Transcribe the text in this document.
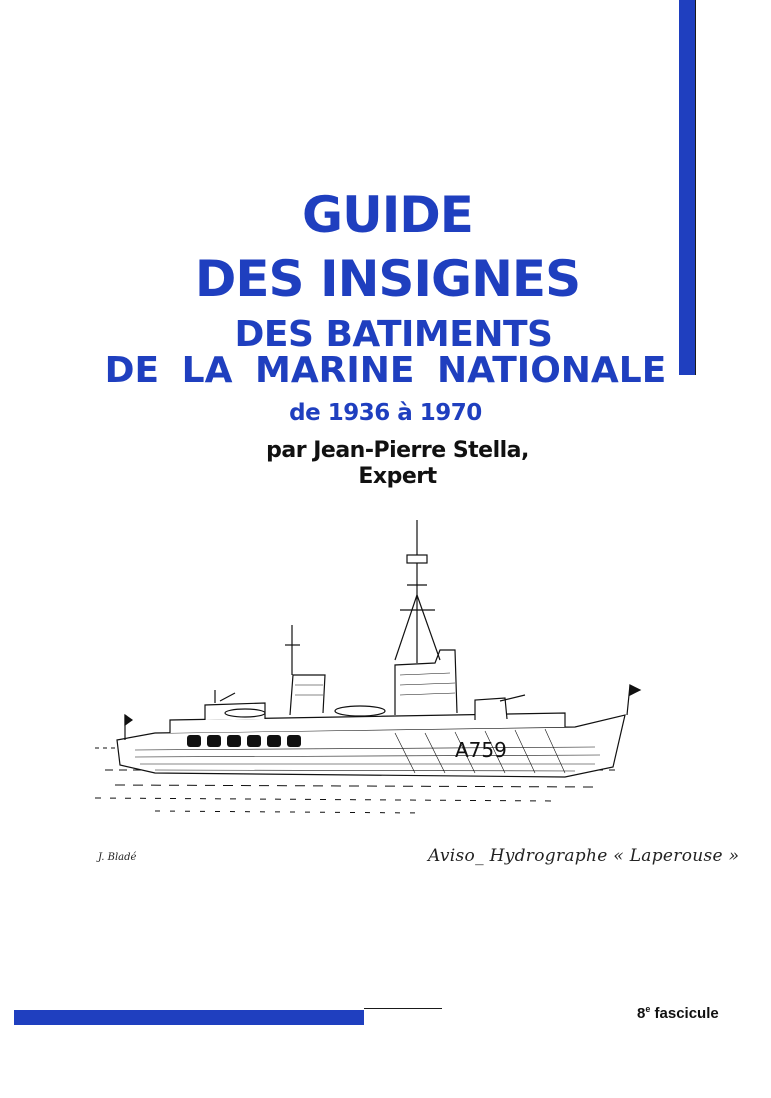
GUIDE
DES INSIGNES
DES BATIMENTS
DE LA MARINE NATIONALE
de 1936 à 1970
par Jean-Pierre Stella,
Expert
A759
J. Bladé	Aviso_ Hydrographe « Laperouse »
8e fascicule
